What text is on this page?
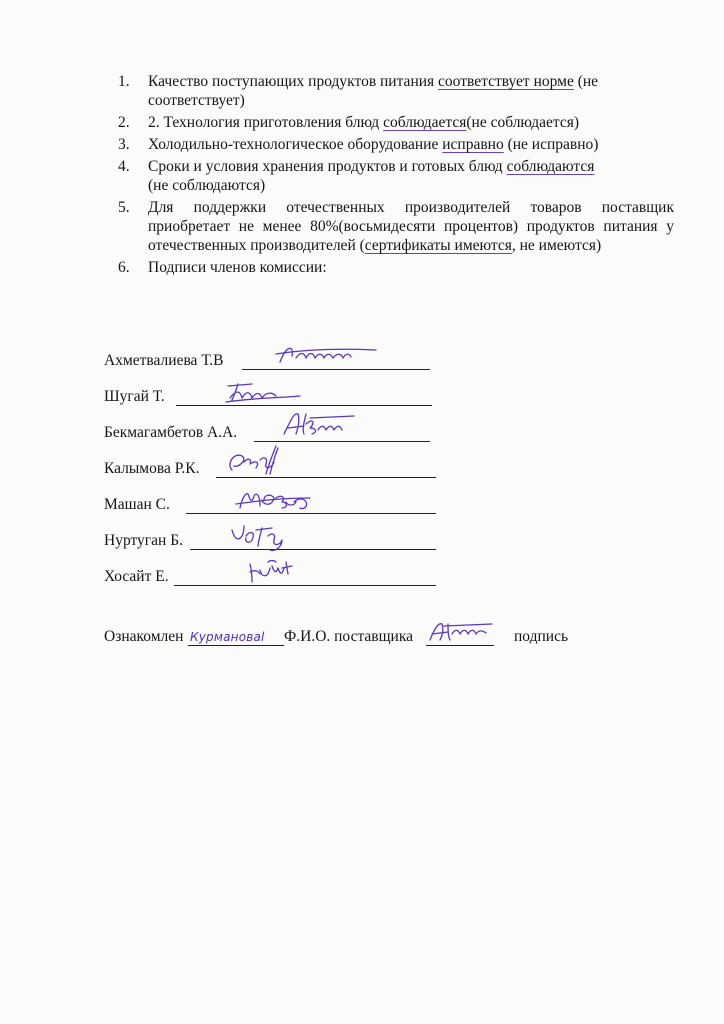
1. Качество поступающих продуктов питания соответствует норме (не
соответствует)

2. 2. Технология приготовления блюд соблюдается(не соблюдается)

3. Холодильно-технологическое оборудование исправно (не исправно)

4. Сроки и условия хранения продуктов и готовых блюд соблюдаются
(не соблюдаются)

5. Для поддержки отечественных производителей товаров поставщик приобретает не менее 80%(восьмидесяти процентов) продуктов питания у отечественных производителей (сертификаты имеются, не имеются)

6. Подписи членов комиссии:

Ахметвалиева Т.В
Шугай Т.
Бекмагамбетов А.А.
Калымова Р.К.
Машан С.
Нуртуган Б.
Хосайт Е.
Ознакомлен Курмановаl Ф.И.О. поставщика	подпись
